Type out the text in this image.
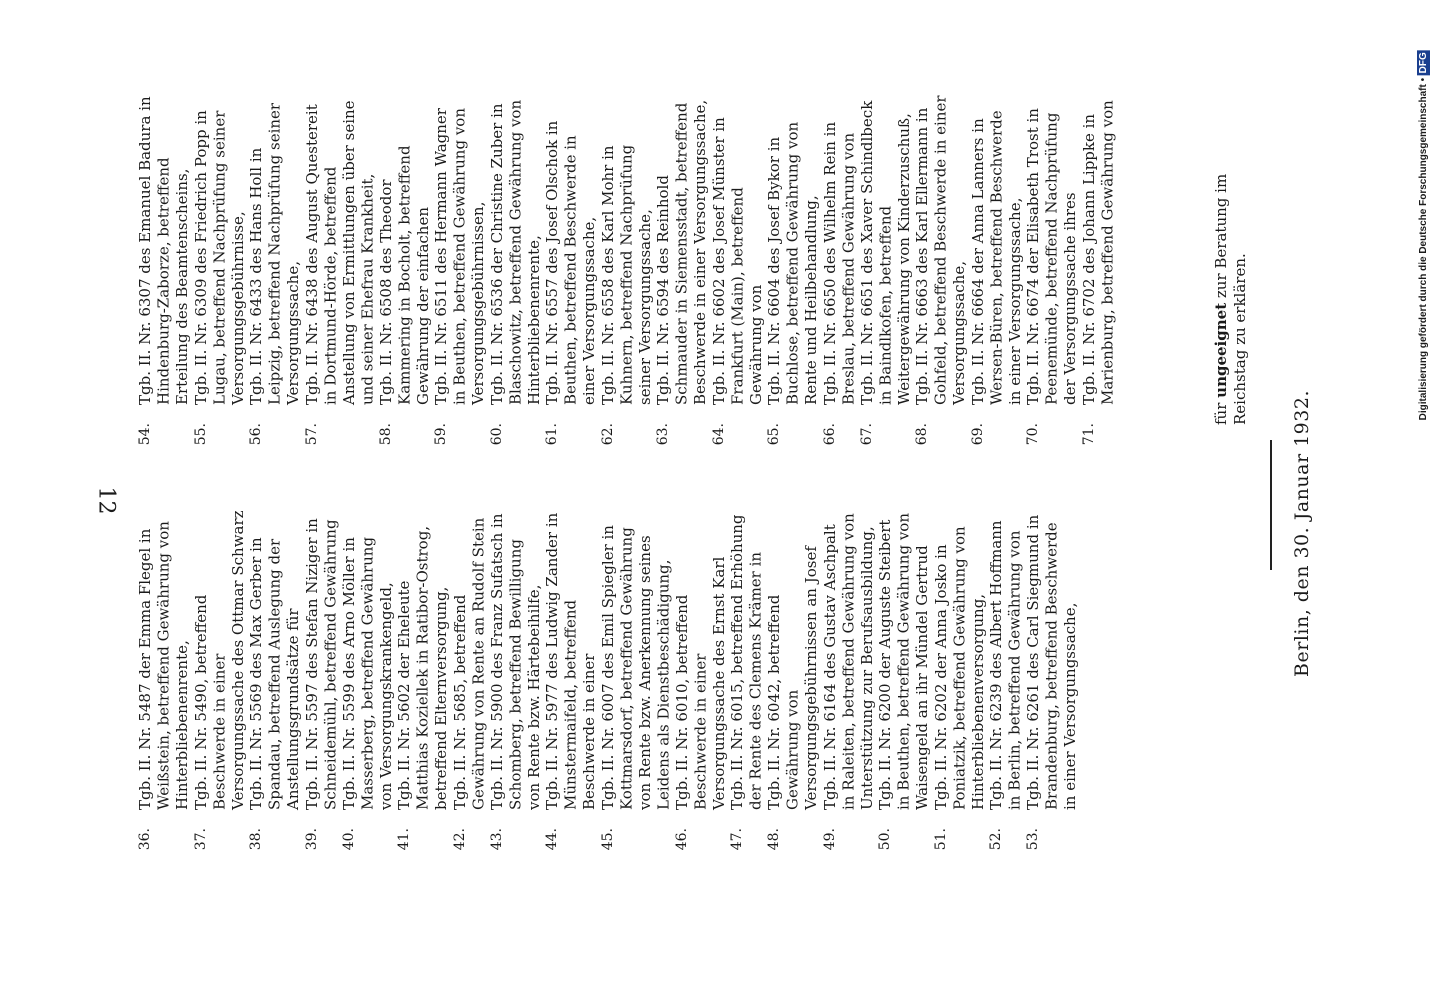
12
Tgb. II. Nr. 5487 der Emma Flegel in Weißstein, betreffend Gewährung von Hinterbliebenenrente,
36.
Tgb. II. Nr. 5490, betreffend Beschwerde in einer Versorgungssache des Ottmar Schwarz
37.
Tgb. II. Nr. 5569 des Max Gerber in Spandau, betreffend Auslegung der Anstellungsgrundsätze für
38.
Tgb. II. Nr. 5597 des Stefan Niziger in Schneidemühl, betreffend Gewährung
39.
Tgb. II. Nr. 5599 des Arno Möller in Masserberg, betreffend Gewährung von Versorgungskrankengeld,
40.
Tgb. II. Nr. 5602 der Eheleute Matthias Koziellek in Ratibor-Ostrog, betreffend Elternversorgung,
41.
Tgb. II. Nr. 5685, betreffend Gewährung von Rente an Rudolf Stein
42.
Tgb. II. Nr. 5900 des Franz Sufatsch in Schomberg, betreffend Bewilligung von Rente bzw. Härtebeihilfe,
43.
Tgb. II. Nr. 5977 des Ludwig Zander in Münstermaifeld, betreffend Beschwerde in einer
44.
Tgb. II. Nr. 6007 des Emil Spiegler in Kottmarsdorf, betreffend Gewährung von Rente bzw. Anerkennung seines Leidens als Dienstbeschädigung,
45.
Tgb. II. Nr. 6010, betreffend Beschwerde in einer Versorgungssache des Ernst Karl
46.
Tgb. II. Nr. 6015, betreffend Erhöhung der Rente des Clemens Krämer in
47.
Tgb. II. Nr. 6042, betreffend Gewährung von Versorgungsgebührnissen an Josef
48.
Tgb. II. Nr. 6164 des Gustav Aschpalt in Raleiten, betreffend Gewährung von Unterstützung zur Berufsausbildung,
49.
Tgb. II. Nr. 6200 der Auguste Steibert in Beuthen, betreffend Gewährung von Waisengeld an ihr Mündel Gertrud
50.
Tgb. II. Nr. 6202 der Anna Josko in Poniatzik, betreffend Gewährung von Hinterbliebenenversorgung,
51.
Tgb. II. Nr. 6239 des Albert Hoffmann in Berlin, betreffend Gewährung von
52.
Tgb. II. Nr. 6261 des Carl Siegmund in Brandenburg, betreffend Beschwerde in einer Versorgungssache,
53.
Tgb. II. Nr. 6307 des Emanuel Badura in Hindenburg-Zaborze, betreffend Erteilung des Beamtenscheins,
54.
Tgb. II. Nr. 6309 des Friedrich Popp in Lugau, betreffend Nachprüfung seiner Versorgungsgebührnisse,
55.
Tgb. II. Nr. 6433 des Hans Holl in Leipzig, betreffend Nachprüfung seiner Versorgungssache,
56.
Tgb. II. Nr. 6438 des August Questereit in Dortmund-Hörde, betreffend Anstellung von Ermittlungen über seine und seiner Ehefrau Krankheit,
57.
Tgb. II. Nr. 6508 des Theodor Kammering in Bocholt, betreffend Gewährung der einfachen
58.
Tgb. II. Nr. 6511 des Hermann Wagner in Beuthen, betreffend Gewährung von Versorgungsgebührnissen,
59.
Tgb. II. Nr. 6536 der Christine Zuber in Blaschowitz, betreffend Gewährung von Hinterbliebenenrente,
60.
Tgb. II. Nr. 6557 des Josef Olschok in Beuthen, betreffend Beschwerde in einer Versorgungssache,
61.
Tgb. II. Nr. 6558 des Karl Mohr in Kuhnern, betreffend Nachprüfung seiner Versorgungssache,
62.
Tgb. II. Nr. 6594 des Reinhold Schmauder in Siemensstadt, betreffend Beschwerde in einer Versorgungssache,
63.
Tgb. II. Nr. 6602 des Josef Münster in Frankfurt (Main), betreffend Gewährung von
64.
Tgb. II. Nr. 6604 des Josef Bykor in Buchlose, betreffend Gewährung von Rente und Heilbehandlung,
65.
Tgb. II. Nr. 6650 des Wilhelm Rein in Breslau, betreffend Gewährung von
66.
Tgb. II. Nr. 6651 des Xaver Schindlbeck in Baindlkofen, betreffend Weitergewährung von Kinderzuschuß,
67.
Tgb. II. Nr. 6663 des Karl Ellermann in Gohfeld, betreffend Beschwerde in einer Versorgungssache,
68.
Tgb. II. Nr. 6664 der Anna Lanners in Wersen-Büren, betreffend Beschwerde in einer Versorgungssache,
69.
Tgb. II. Nr. 6674 der Elisabeth Trost in Peenemünde, betreffend Nachprüfung der Versorgungssache ihres
70.
Tgb. II. Nr. 6702 des Johann Lippke in Marienburg, betreffend Gewährung von
71.
für ungeeignet zur Beratung im Reichstag zu erklären.
Berlin, den 30. Januar 1932.
Digitalisierung gefördert durch die Deutsche Forschungsgemeinschaft • DFG
